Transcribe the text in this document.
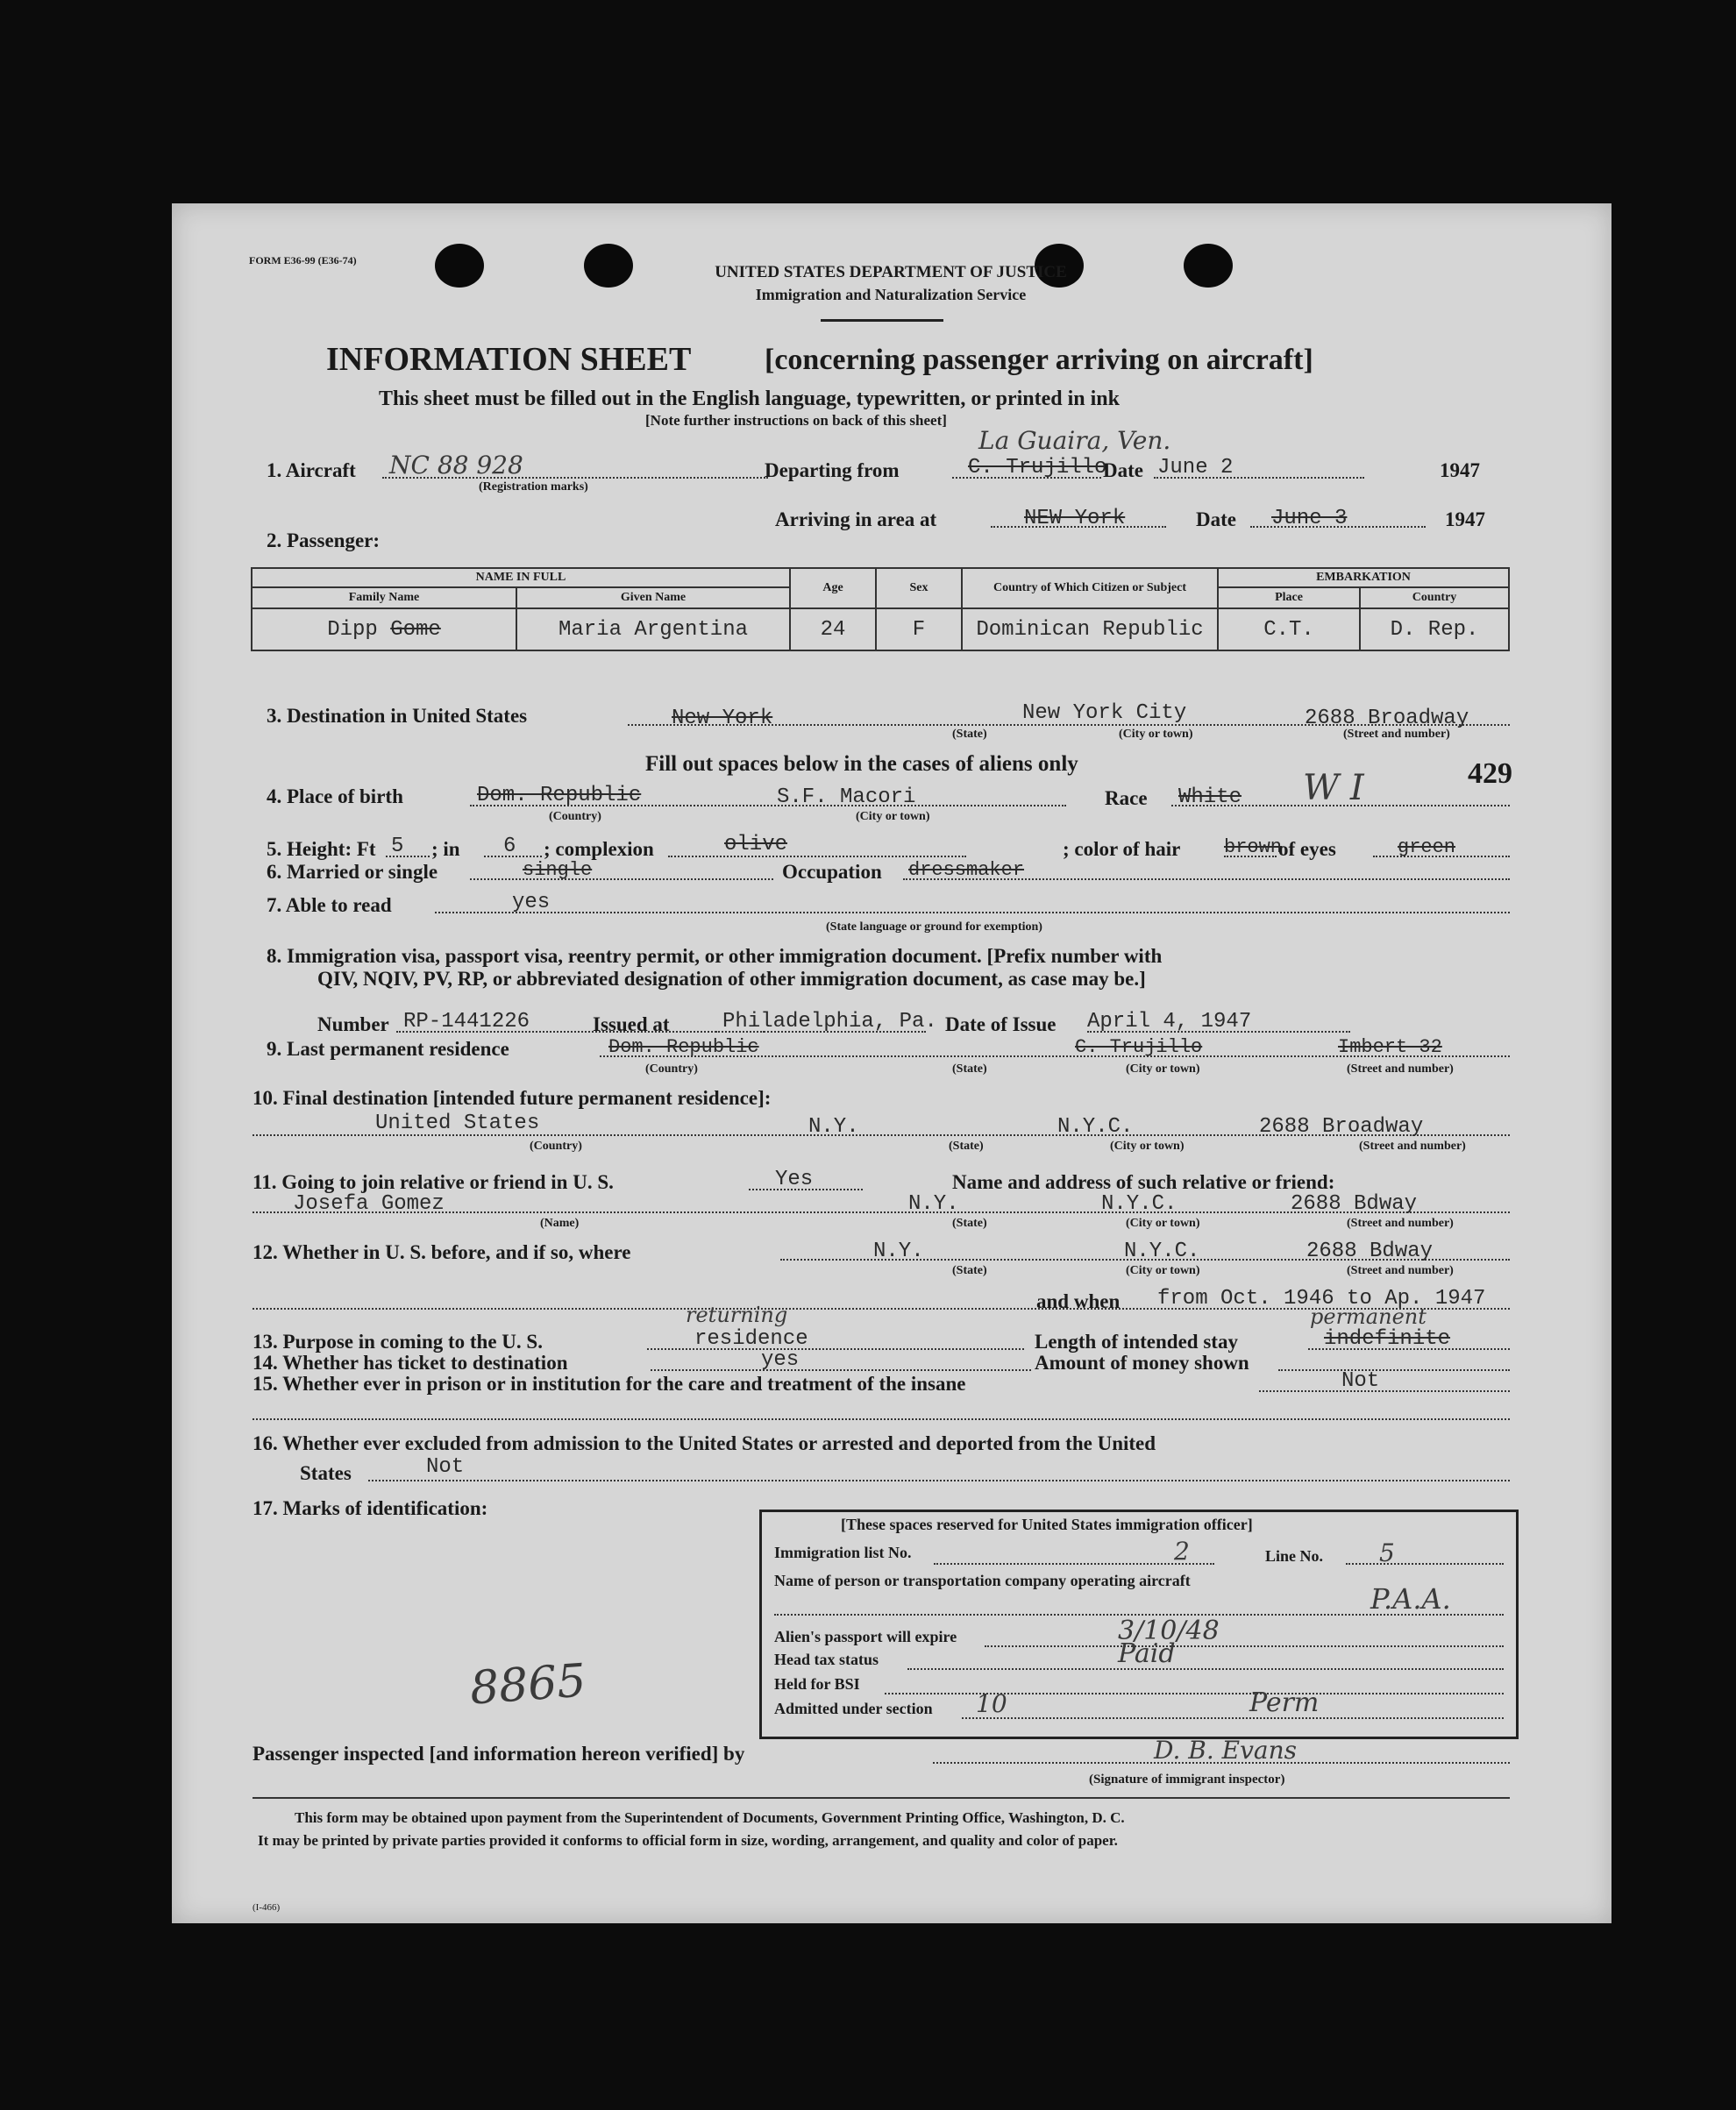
FORM E36-99 (E36-74)
UNITED STATES DEPARTMENT OF JUSTICE
Immigration and Naturalization Service
INFORMATION SHEET [concerning passenger arriving on aircraft]
This sheet must be filled out in the English language, typewritten, or printed in ink
[Note further instructions on back of this sheet]
La Guaira, Ven.
1. Aircraft NC 88 928
(Registration marks)
Departing from	C. Trujillo
Date June 2	1947
Arriving in area at	NEW York	Date June 3	1947
2. Passenger:
NAME IN FULL		Age	Sex	Country of Which Citizen or Subject	EMBARKATION	
Family Name	Given Name				Place	Country
Dipp Gome	Maria Argentina	24	F	Dominican Republic	C.T.	D. Rep.
3. Destination in United States	New York	New York City	2688 Broadway
(State)	(City or town)	(Street and number)
Fill out spaces below in the cases of aliens only
4. Place of birth	Dom. Republic	S.F. Macori
(Country)	(City or town)
Race White W I	429
5. Height: Ft 5 ; in 6 ; complexion	olive	; color of hair brown
of eyes	green
6. Married or single	single	Occupation dressmaker
7. Able to read	yes
(State language or ground for exemption)
8. Immigration visa, passport visa, reentry permit, or other immigration document. [Prefix number with
QIV, NQIV, PV, RP, or abbreviated designation of other immigration document, as case may be.]
Number RP-1441226	Issued at	Philadelphia, Pa. Date of Issue April 4, 1947
9. Last permanent residence	Dom. Republic	C. Trujillo	Imbert 32
(Country)	(State)	(City or town)	(Street and number)
10. Final destination [intended future permanent residence]:
United States	N.Y.	N.Y.C.	2688 Broadway
(Country)	(State)	(City or town)	(Street and number)
11. Going to join relative or friend in U. S.	Yes	Name and address of such relative or friend:
Josefa Gomez	N.Y.	N.Y.C.	2688 Bdway
(Name)	(State)	(City or town)	(Street and number)
12. Whether in U. S. before, and if so, where	N.Y.	N.Y.C.	2688 Bdway
(State)	(City or town)	(Street and number)
and when from Oct. 1946 to Ap. 1947
returning
13. Purpose in coming to the U. S.	residence	Length of intended stay	indefinite
permanent
14. Whether has ticket to destination	yes	Amount of money shown
15. Whether ever in prison or in institution for the care and treatment of the insane	Not
16. Whether ever excluded from admission to the United States or arrested and deported from the United
States	Not
17. Marks of identification:
8865
[These spaces reserved for United States immigration officer]
Immigration list No.	2	Line No. 5
Name of person or transportation company operating aircraft
P.A.A.
Alien's passport will expire	3/10/48
Head tax status	Paid
Held for BSI
Admitted under section 10	Perm
Passenger inspected [and information hereon verified] by	D. B. Evans
(Signature of immigrant inspector)
This form may be obtained upon payment from the Superintendent of Documents, Government Printing Office, Washington, D. C.
It may be printed by private parties provided it conforms to official form in size, wording, arrangement, and quality and color of paper.
(I-466)
